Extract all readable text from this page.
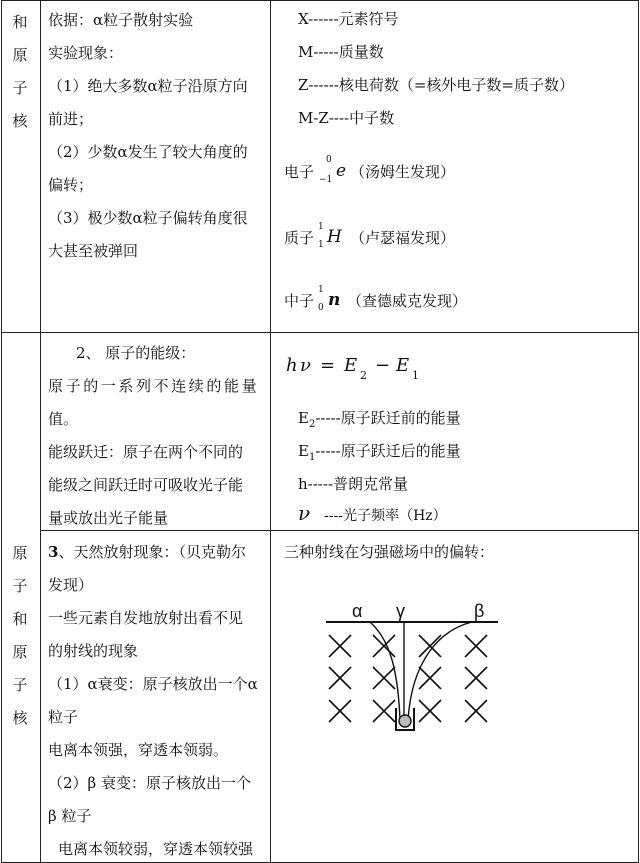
和
原
子
核
原
子
和
原
子
核
依据：α粒子散射实验
实验现象：
（1）绝大多数α粒子沿原方向
前进；
（2）少数α发生了较大角度的
偏转；
（3）极少数α粒子偏转角度很
大甚至被弹回
X------元素符号
M-----质量数
Z------核电荷数（=核外电子数=质子数）
M-Z----中子数
电子
0
−1 e （汤姆生发现）
质子
1
1 H （卢瑟福发现）
中子
1
0 n （查德威克发现）
2、 原子的能级：
原子的一系列不连续的能量
值。
能级跃迁：原子在两个不同的
能级之间跃迁时可吸收光子能
量或放出光子能量
h ν = E 2 − E 1
$E_2-----$原子跃迁前的能量
$E_1-----$原子跃迁后的能量
h-----普朗克常量
ν ----光子频率（Hz）
3、天然放射现象：（贝克勒尔
发现）
一些元素自发地放射出看不见
的射线的现象
（1）α衰变：原子核放出一个α
粒子
电离本领强，穿透本领弱。
（2）β 衰变：原子核放出一个
β 粒子
电离本领较弱，穿透本领较强
三种射线在匀强磁场中的偏转：
α γ	β
